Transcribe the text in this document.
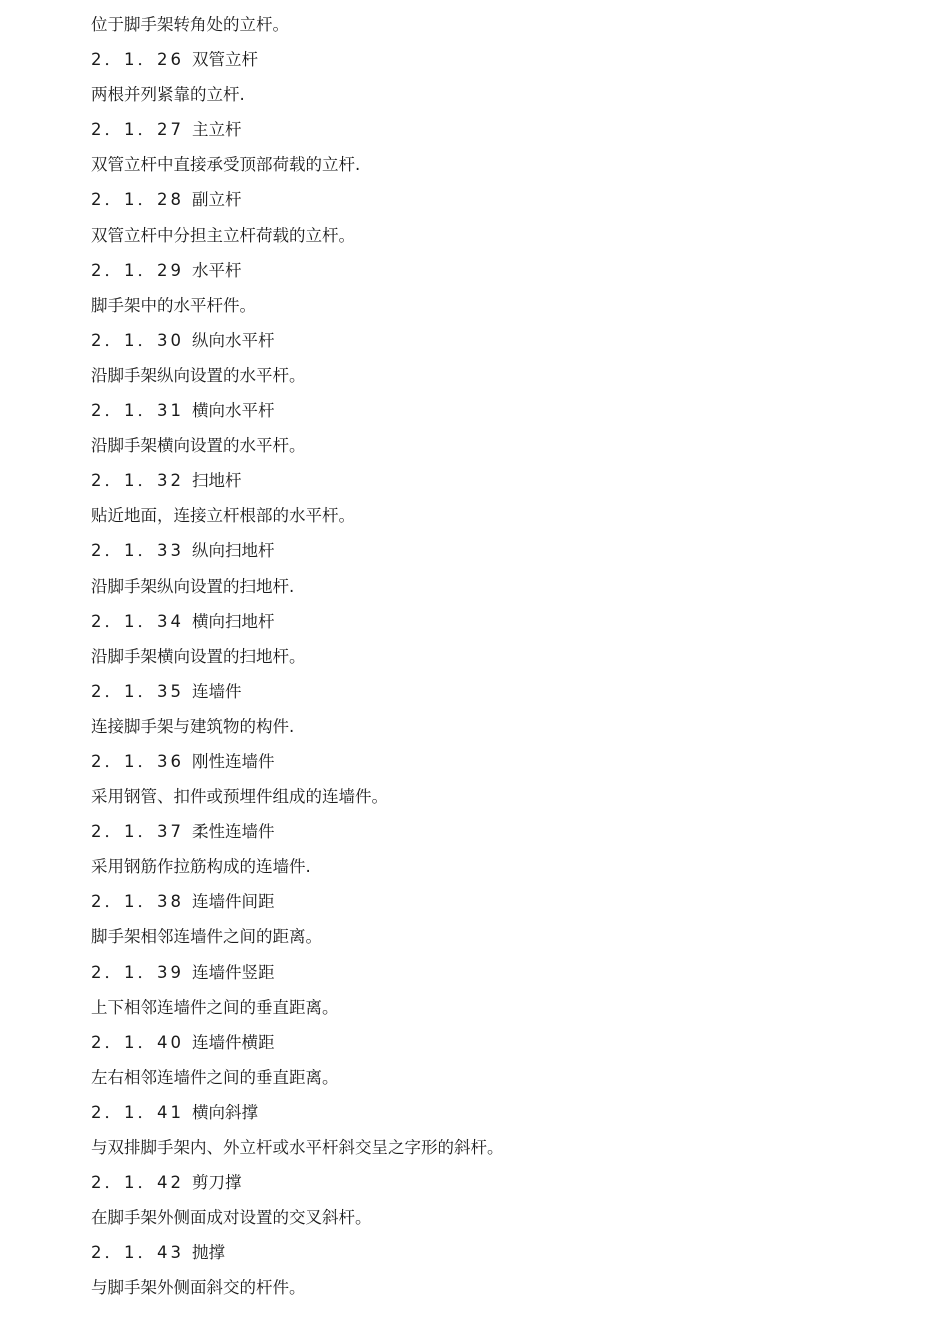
位于脚手架转角处的立杆。
2．1．26 双管立杆
两根并列紧靠的立杆.
2．1．27 主立杆
双管立杆中直接承受顶部荷载的立杆.
2．1．28 副立杆
双管立杆中分担主立杆荷载的立杆。
2．1．29 水平杆
脚手架中的水平杆件。
2．1．30 纵向水平杆
沿脚手架纵向设置的水平杆。
2．1．31 横向水平杆
沿脚手架横向设置的水平杆。
2．1．32 扫地杆
贴近地面，连接立杆根部的水平杆。
2．1．33 纵向扫地杆
沿脚手架纵向设置的扫地杆.
2．1．34 横向扫地杆
沿脚手架横向设置的扫地杆。
2．1．35 连墙件
连接脚手架与建筑物的构件.
2．1．36 刚性连墙件
采用钢管、扣件或预埋件组成的连墙件。
2．1．37 柔性连墙件
采用钢筋作拉筋构成的连墙件.
2．1．38 连墙件间距
脚手架相邻连墙件之间的距离。
2．1．39 连墙件竖距
上下相邻连墙件之间的垂直距离。
2．1．40 连墙件横距
左右相邻连墙件之间的垂直距离。
2．1．41 横向斜撑
与双排脚手架内、外立杆或水平杆斜交呈之字形的斜杆。
2．1．42 剪刀撑
在脚手架外侧面成对设置的交叉斜杆。
2．1．43 抛撑
与脚手架外侧面斜交的杆件。
